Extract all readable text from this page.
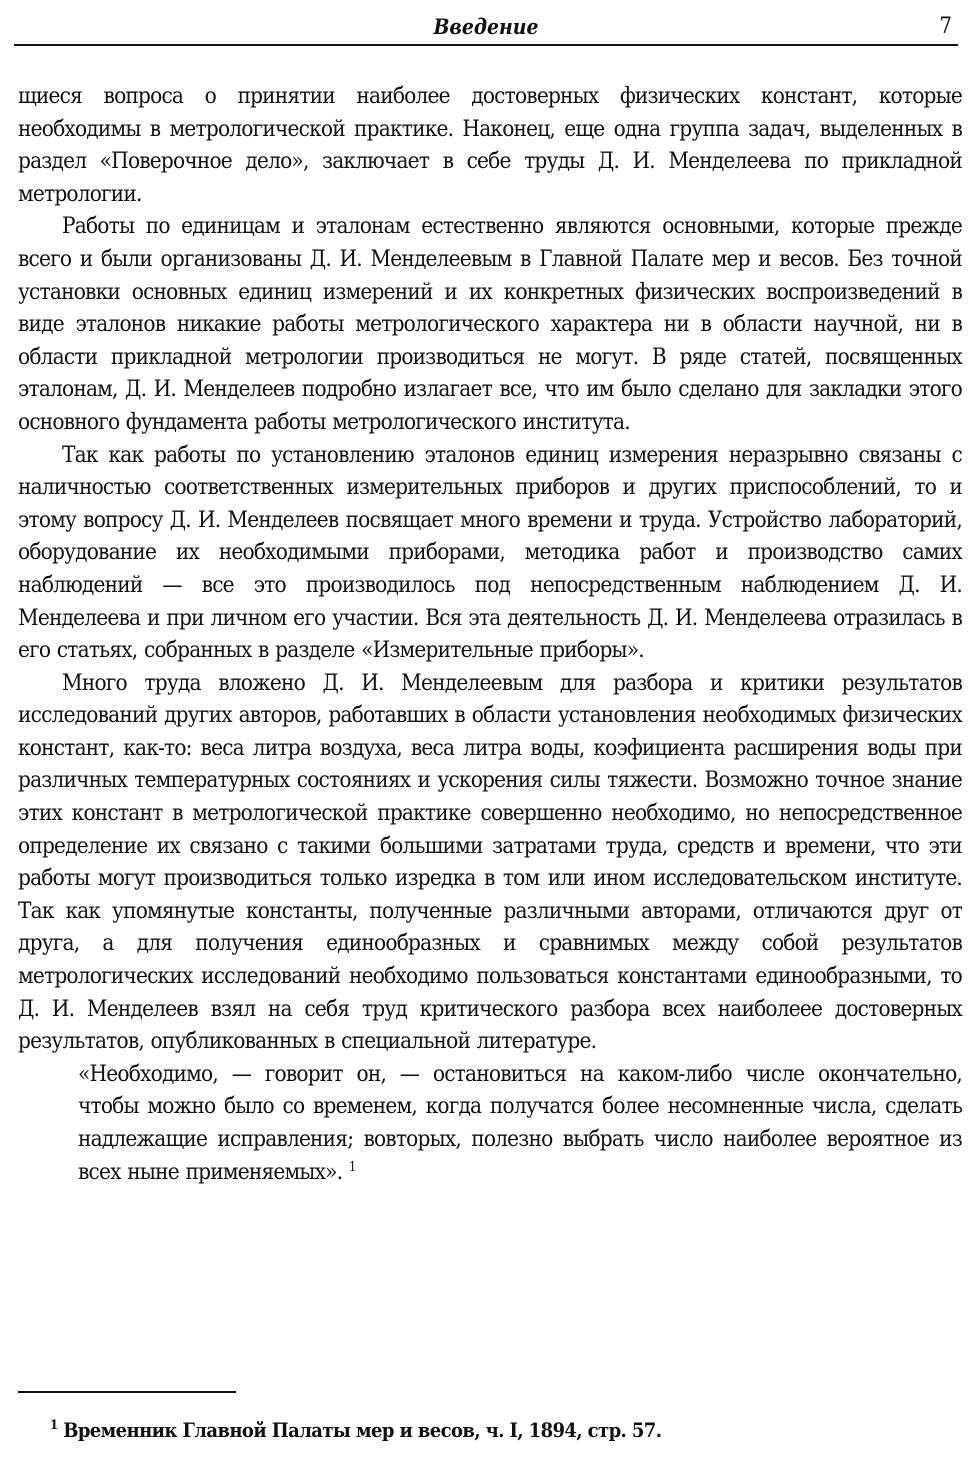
Введение	7

щиеся вопроса о принятии наиболее достоверных физических констант, которые необходимы в метрологической практике. Наконец, еще одна группа задач, выделенных в раздел «Поверочное дело», заключает в себе труды Д. И. Менделеева по прикладной метрологии.

Работы по единицам и эталонам естественно являются основными, которые прежде всего и были организованы Д. И. Менделеевым в Главной Палате мер и весов. Без точной установки основных единиц измерений и их конкретных физических воспроизведений в виде эталонов никакие работы метрологического характера ни в области научной, ни в области прикладной метрологии производиться не могут. В ряде статей, посвященных эталонам, Д. И. Менделеев подробно излагает все, что им было сделано для закладки этого основного фундамента работы метрологического института.

Так как работы по установлению эталонов единиц измерения неразрывно связаны с наличностью соответственных измерительных приборов и других приспособлений, то и этому вопросу Д. И. Менделеев посвящает много времени и труда. Устройство лабораторий, оборудование их необходимыми приборами, методика работ и производство самих наблюдений — все это производилось под непосредственным наблюдением Д. И. Менделеева и при личном его участии. Вся эта деятельность Д. И. Менделеева отразилась в его статьях, собранных в разделе «Измерительные приборы».

Много труда вложено Д. И. Менделеевым для разбора и критики результатов исследований других авторов, работавших в области установления необходимых физических констант, как-то: веса литра воздуха, веса литра воды, коэфициента расширения воды при различных температурных состояниях и ускорения силы тяжести. Возможно точное знание этих констант в метрологической практике совершенно необходимо, но непосредственное определение их связано с такими большими затратами труда, средств и времени, что эти работы могут производиться только изредка в том или ином исследовательском институте. Так как упомянутые константы, полученные различными авторами, отличаются друг от друга, а для получения единообразных и сравнимых между собой результатов метрологических исследований необходимо пользоваться константами единообразными, то Д. И. Менделеев взял на себя труд критического разбора всех наиболеее достоверных результатов, опубликованных в специальной литературе.

«Необходимо, — говорит он, — остановиться на каком-либо числе окончательно, чтобы можно было со временем, когда получатся более несомненные числа, сделать надлежащие исправления; вовторых, полезно выбрать число наиболее вероятное из всех ныне применяемых». $^1$

$^1$ Временник Главной Палаты мер и весов, ч. I, 1894, стр. 57.
